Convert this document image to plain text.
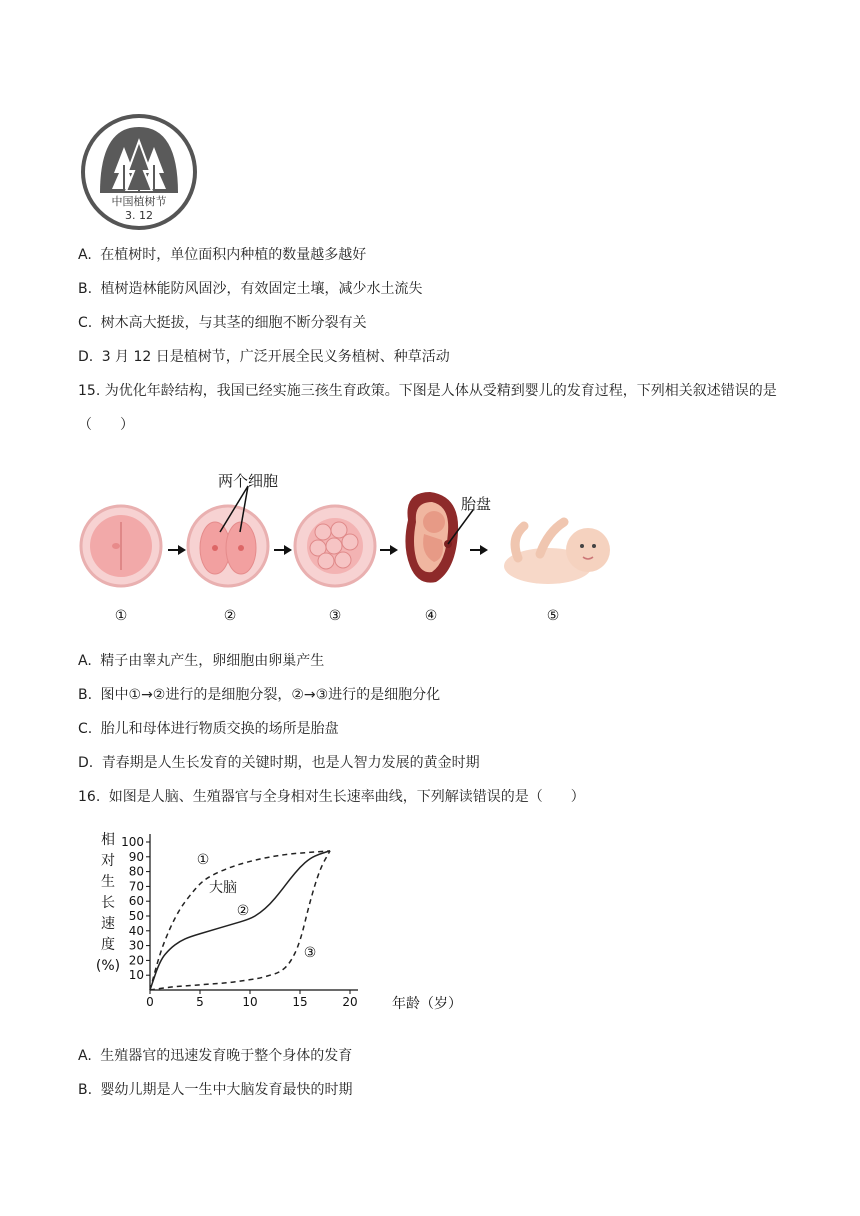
中国植树节
3. 12
A. 在植树时，单位面积内种植的数量越多越好
B. 植树造林能防风固沙，有效固定土壤，减少水土流失
C. 树木高大挺拔，与其茎的细胞不断分裂有关
D. 3 月 12 日是植树节，广泛开展全民义务植树、种草活动
15. 为优化年龄结构，我国已经实施三孩生育政策。下图是人体从受精到婴儿的发育过程，下列相关叙述错误的是（　　）
两个细胞
胎盘
①	②	③	④	⑤
A. 精子由睾丸产生，卵细胞由卵巢产生
B. 图中①→②进行的是细胞分裂，②→③进行的是细胞分化
C. 胎儿和母体进行物质交换的场所是胎盘
D. 青春期是人生长发育的关键时期，也是人智力发展的黄金时期
16. 如图是人脑、生殖器官与全身相对生长速率曲线，下列解读错误的是（　　）
相对生长速度(%)
年龄（岁）
0	5	10	15	20
10
20
30
40
50
60
70
80
90
100
①
大脑
②
③
A. 生殖器官的迅速发育晚于整个身体的发育
B. 婴幼儿期是人一生中大脑发育最快的时期
